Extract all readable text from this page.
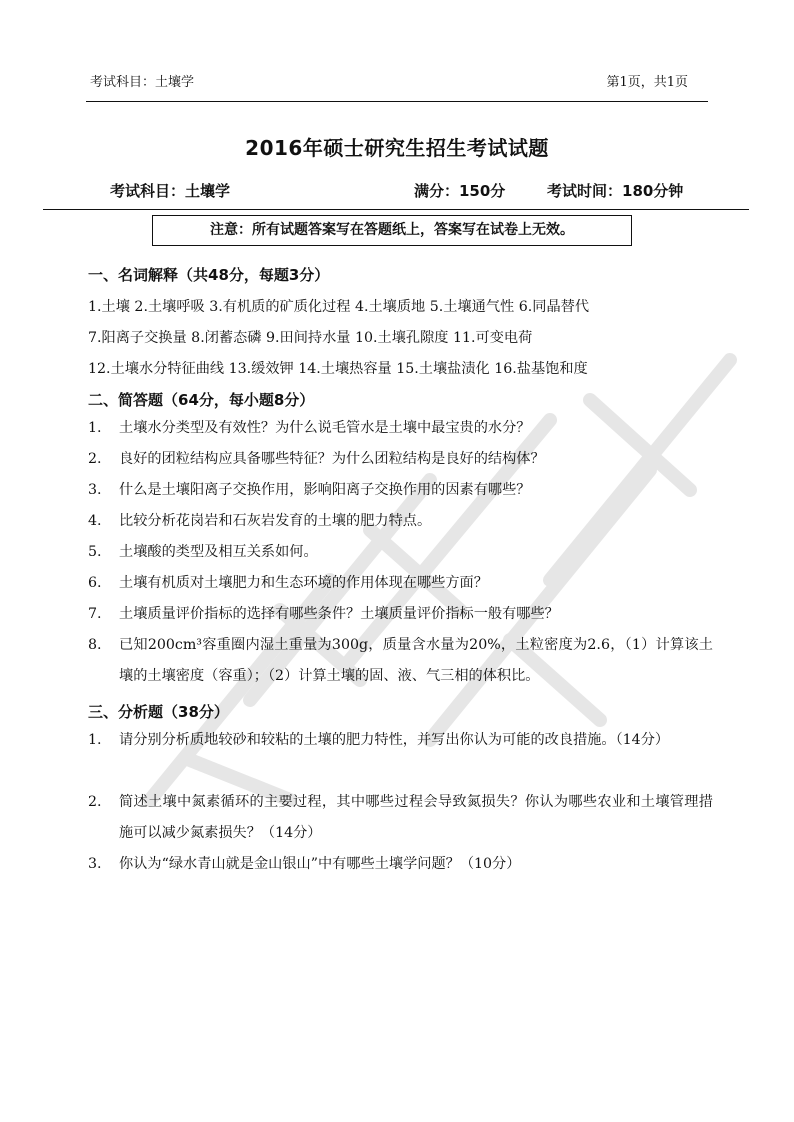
考试科目：土壤学	第1页，共1页
2016年硕士研究生招生考试试题
考试科目：土壤学	满分：150分	考试时间：180分钟
注意：所有试题答案写在答题纸上，答案写在试卷上无效。
一、名词解释（共48分，每题3分）
1.土壤 2.土壤呼吸 3.有机质的矿质化过程 4.土壤质地 5.土壤通气性 6.同晶替代
7.阳离子交换量 8.闭蓄态磷 9.田间持水量 10.土壤孔隙度 11.可变电荷
12.土壤水分特征曲线 13.缓效钾 14.土壤热容量 15.土壤盐渍化 16.盐基饱和度
二、简答题（64分，每小题8分）
1. 土壤水分类型及有效性？为什么说毛管水是土壤中最宝贵的水分？
2. 良好的团粒结构应具备哪些特征？为什么团粒结构是良好的结构体？
3. 什么是土壤阳离子交换作用，影响阳离子交换作用的因素有哪些？
4. 比较分析花岗岩和石灰岩发育的土壤的肥力特点。
5. 土壤酸的类型及相互关系如何。
6. 土壤有机质对土壤肥力和生态环境的作用体现在哪些方面？
7. 土壤质量评价指标的选择有哪些条件？土壤质量评价指标一般有哪些？
8. 已知200cm³容重圈内湿土重量为300g，质量含水量为20%，土粒密度为2.6，（1）计算该土壤的土壤密度（容重）；（2）计算土壤的固、液、气三相的体积比。
三、分析题（38分）
1. 请分别分析质地较砂和较粘的土壤的肥力特性，并写出你认为可能的改良措施。（14分）
2. 简述土壤中氮素循环的主要过程，其中哪些过程会导致氮损失？你认为哪些农业和土壤管理措施可以减少氮素损失？（14分）
3. 你认为“绿水青山就是金山银山”中有哪些土壤学问题？（10分）
